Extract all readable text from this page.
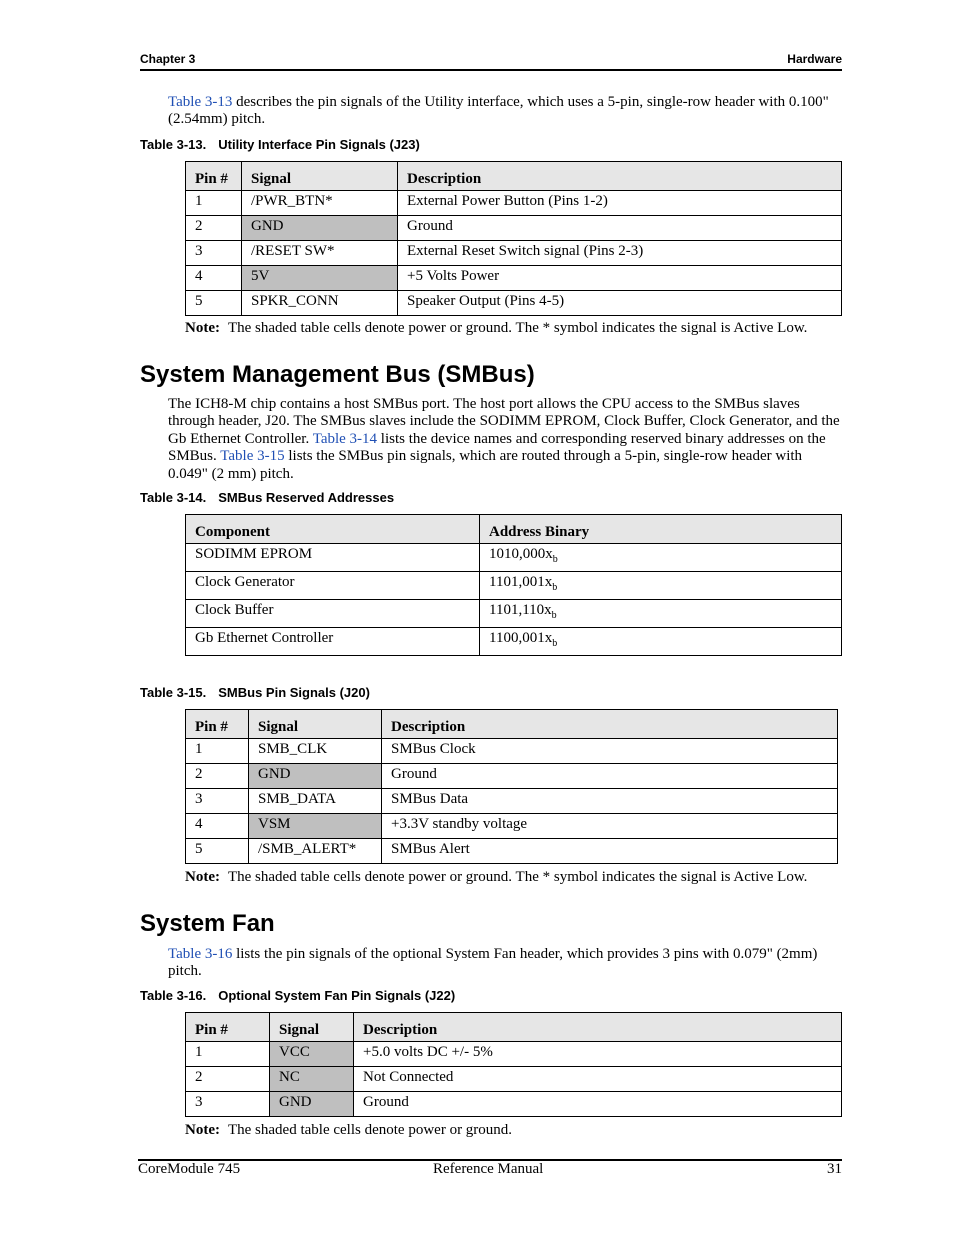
Chapter 3	Hardware
Table 3-13 describes the pin signals of the Utility interface, which uses a 5-pin, single-row header with 0.100" (2.54mm) pitch.
Table 3-13. Utility Interface Pin Signals (J23)
Pin #	Signal	Description
1	/PWR_BTN*	External Power Button (Pins 1-2)
2	GND	Ground
3	/RESET SW*	External Reset Switch signal (Pins 2-3)
4	5V	+5 Volts Power
5	SPKR_CONN	Speaker Output (Pins 4-5)
Note: The shaded table cells denote power or ground. The * symbol indicates the signal is Active Low.
System Management Bus (SMBus)
The ICH8-M chip contains a host SMBus port. The host port allows the CPU access to the SMBus slaves through header, J20. The SMBus slaves include the SODIMM EPROM, Clock Buffer, Clock Generator, and the Gb Ethernet Controller. Table 3-14 lists the device names and corresponding reserved binary addresses on the SMBus. Table 3-15 lists the SMBus pin signals, which are routed through a 5-pin, single-row header with 0.049" (2 mm) pitch.
Table 3-14. SMBus Reserved Addresses
Component	Address Binary
SODIMM EPROM	$1010,000x_b$
Clock Generator	$1101,001x_b$
Clock Buffer	$1101,110x_b$
Gb Ethernet Controller	$1100,001x_b$
Table 3-15. SMBus Pin Signals (J20)
Pin #	Signal	Description
1	SMB_CLK	SMBus Clock
2	GND	Ground
3	SMB_DATA	SMBus Data
4	VSM	+3.3V standby voltage
5	/SMB_ALERT*	SMBus Alert
Note: The shaded table cells denote power or ground. The * symbol indicates the signal is Active Low.
System Fan
Table 3-16 lists the pin signals of the optional System Fan header, which provides 3 pins with 0.079" (2mm) pitch.
Table 3-16. Optional System Fan Pin Signals (J22)
Pin #	Signal	Description
1	VCC	+5.0 volts DC +/- 5%
2	NC	Not Connected
3	GND	Ground
Note: The shaded table cells denote power or ground.
CoreModule 745	Reference Manual	31
